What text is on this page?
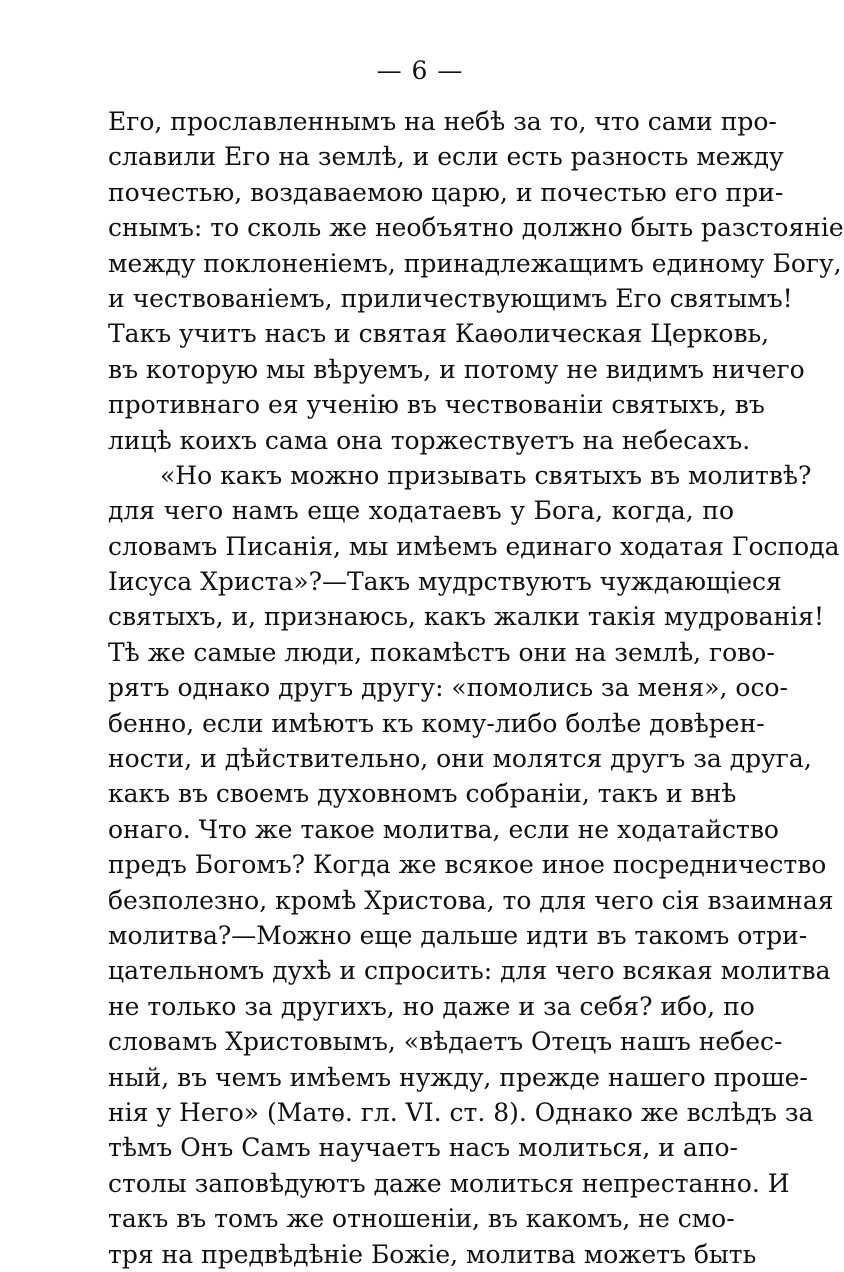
— 6 —
Его, прославленнымъ на небѣ за то, что сами про-
славили Его на землѣ, и если есть разность между
почестью, воздаваемою царю, и почестью его при-
снымъ: то сколь же необъятно должно быть разстояніе
между поклоненіемъ, принадлежащимъ единому Богу,
и чествованіемъ, приличествующимъ Его святымъ!
Такъ учитъ насъ и святая Каѳолическая Церковь,
въ которую мы вѣруемъ, и потому не видимъ ничего
противнаго ея ученію въ чествованіи святыхъ, въ
лицѣ коихъ сама она торжествуетъ на небесахъ.
«Но какъ можно призывать святыхъ въ молитвѣ?
для чего намъ еще ходатаевъ у Бога, когда, по
словамъ Писанія, мы имѣемъ единаго ходатая Господа
Іисуса Христа»?—Такъ мудрствуютъ чуждающіеся
святыхъ, и, признаюсь, какъ жалки такія мудрованія!
Тѣ же самые люди, покамѣстъ они на землѣ, гово-
рятъ однако другъ другу: «помолись за меня», осо-
бенно, если имѣютъ къ кому-либо болѣе довѣрен-
ности, и дѣйствительно, они молятся другъ за друга,
какъ въ своемъ духовномъ собраніи, такъ и внѣ
онаго. Что же такое молитва, если не ходатайство
предъ Богомъ? Когда же всякое иное посредничество
безполезно, кромѣ Христова, то для чего сія взаимная
молитва?—Можно еще дальше идти въ такомъ отри-
цательномъ духѣ и спросить: для чего всякая молитва
не только за другихъ, но даже и за себя? ибо, по
словамъ Христовымъ, «вѣдаетъ Отецъ нашъ небес-
ный, въ чемъ имѣемъ нужду, прежде нашего проше-
нія у Него» (Матѳ. гл. VI. ст. 8). Однако же вслѣдъ за
тѣмъ Онъ Самъ научаетъ насъ молиться, и апо-
столы заповѣдуютъ даже молиться непрестанно. И
такъ въ томъ же отношеніи, въ какомъ, не смо-
тря на предвѣдѣніе Божіе, молитва можетъ быть
